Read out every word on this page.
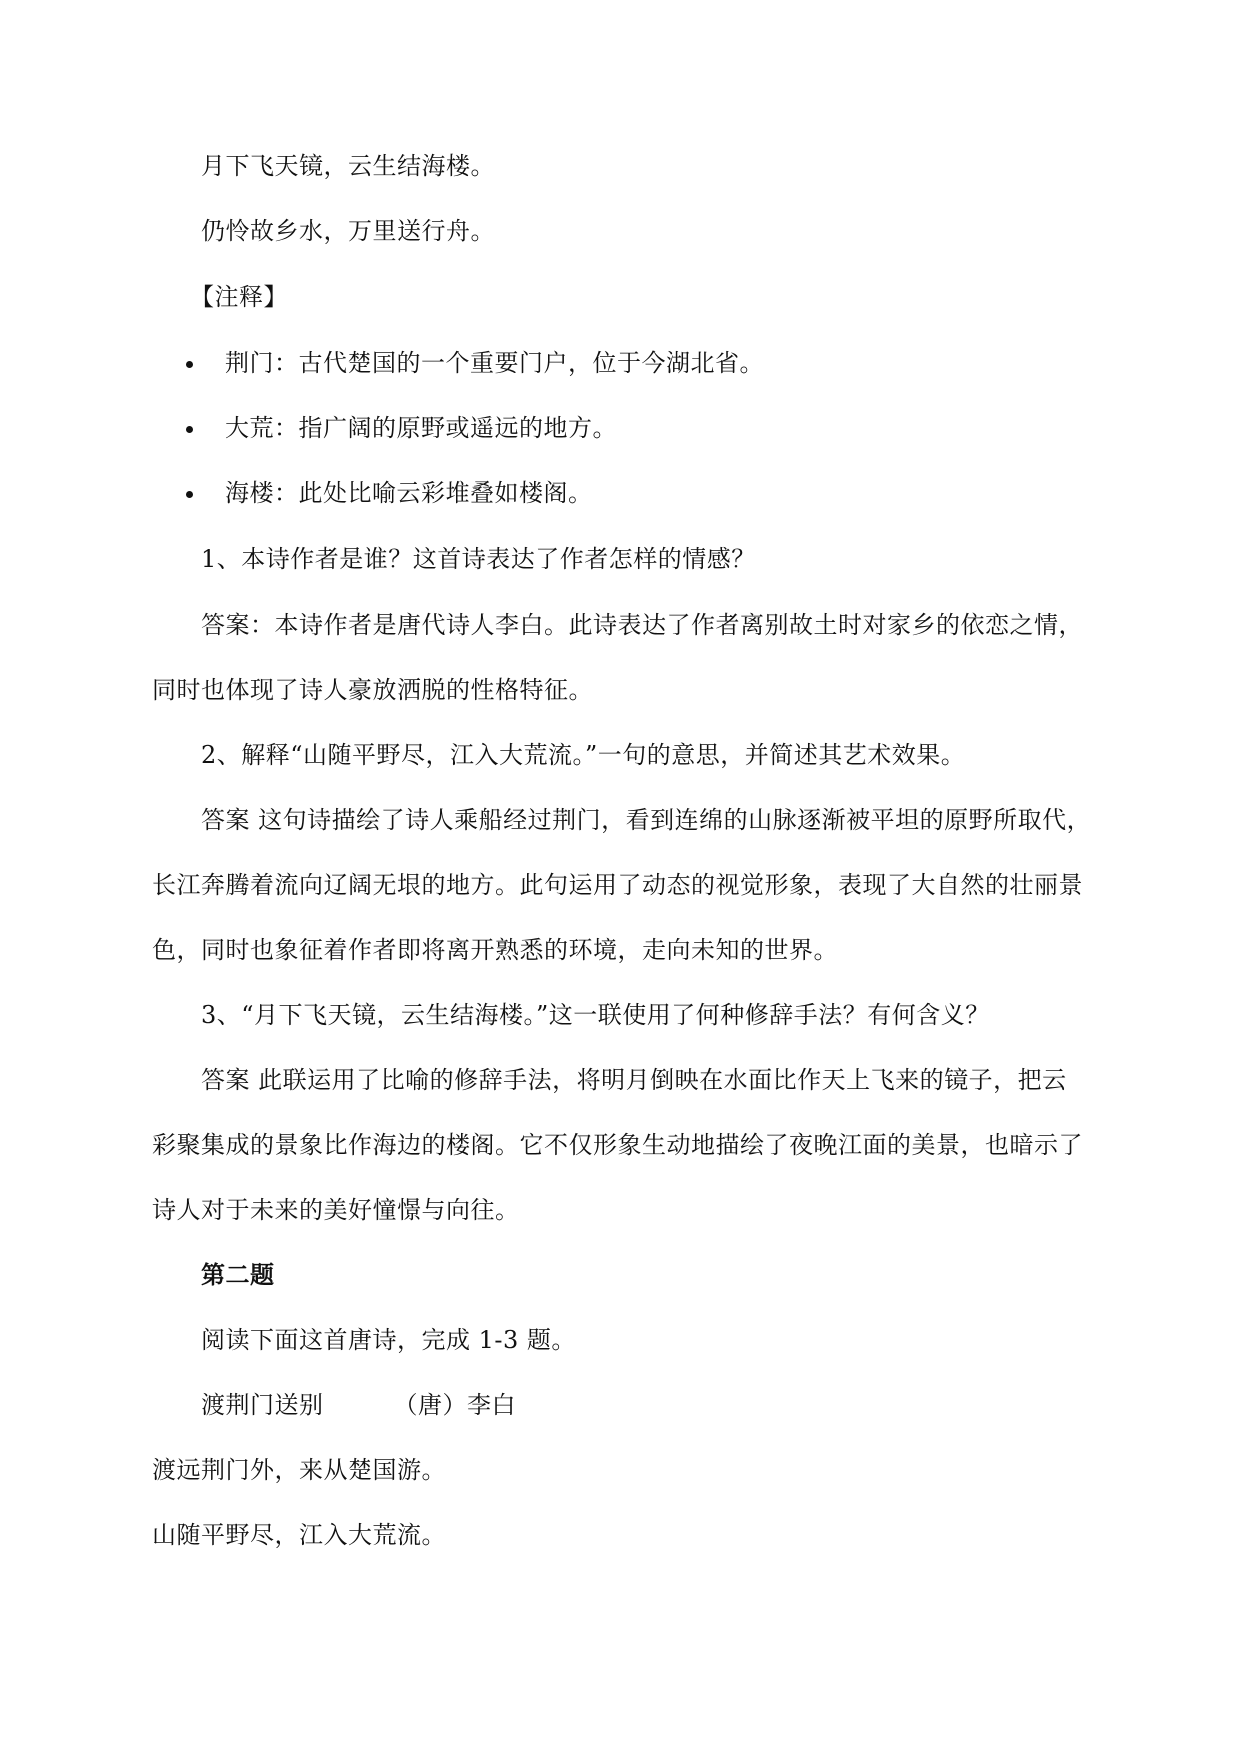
月下飞天镜，云生结海楼。
仍怜故乡水，万里送行舟。
【注释】
荆门：古代楚国的一个重要门户，位于今湖北省。
大荒：指广阔的原野或遥远的地方。
海楼：此处比喻云彩堆叠如楼阁。
1、本诗作者是谁？这首诗表达了作者怎样的情感？
答案：本诗作者是唐代诗人李白。此诗表达了作者离别故土时对家乡的依恋之情，
同时也体现了诗人豪放洒脱的性格特征。
2、解释“山随平野尽，江入大荒流。”一句的意思，并简述其艺术效果。
答案 这句诗描绘了诗人乘船经过荆门，看到连绵的山脉逐渐被平坦的原野所取代，
长江奔腾着流向辽阔无垠的地方。此句运用了动态的视觉形象，表现了大自然的壮丽景
色，同时也象征着作者即将离开熟悉的环境，走向未知的世界。
3、“月下飞天镜，云生结海楼。”这一联使用了何种修辞手法？有何含义？
答案 此联运用了比喻的修辞手法，将明月倒映在水面比作天上飞来的镜子，把云
彩聚集成的景象比作海边的楼阁。它不仅形象生动地描绘了夜晚江面的美景，也暗示了
诗人对于未来的美好憧憬与向往。
第二题
阅读下面这首唐诗，完成 1-3 题。
渡荆门送别	（唐）李白
渡远荆门外，来从楚国游。
山随平野尽，江入大荒流。
